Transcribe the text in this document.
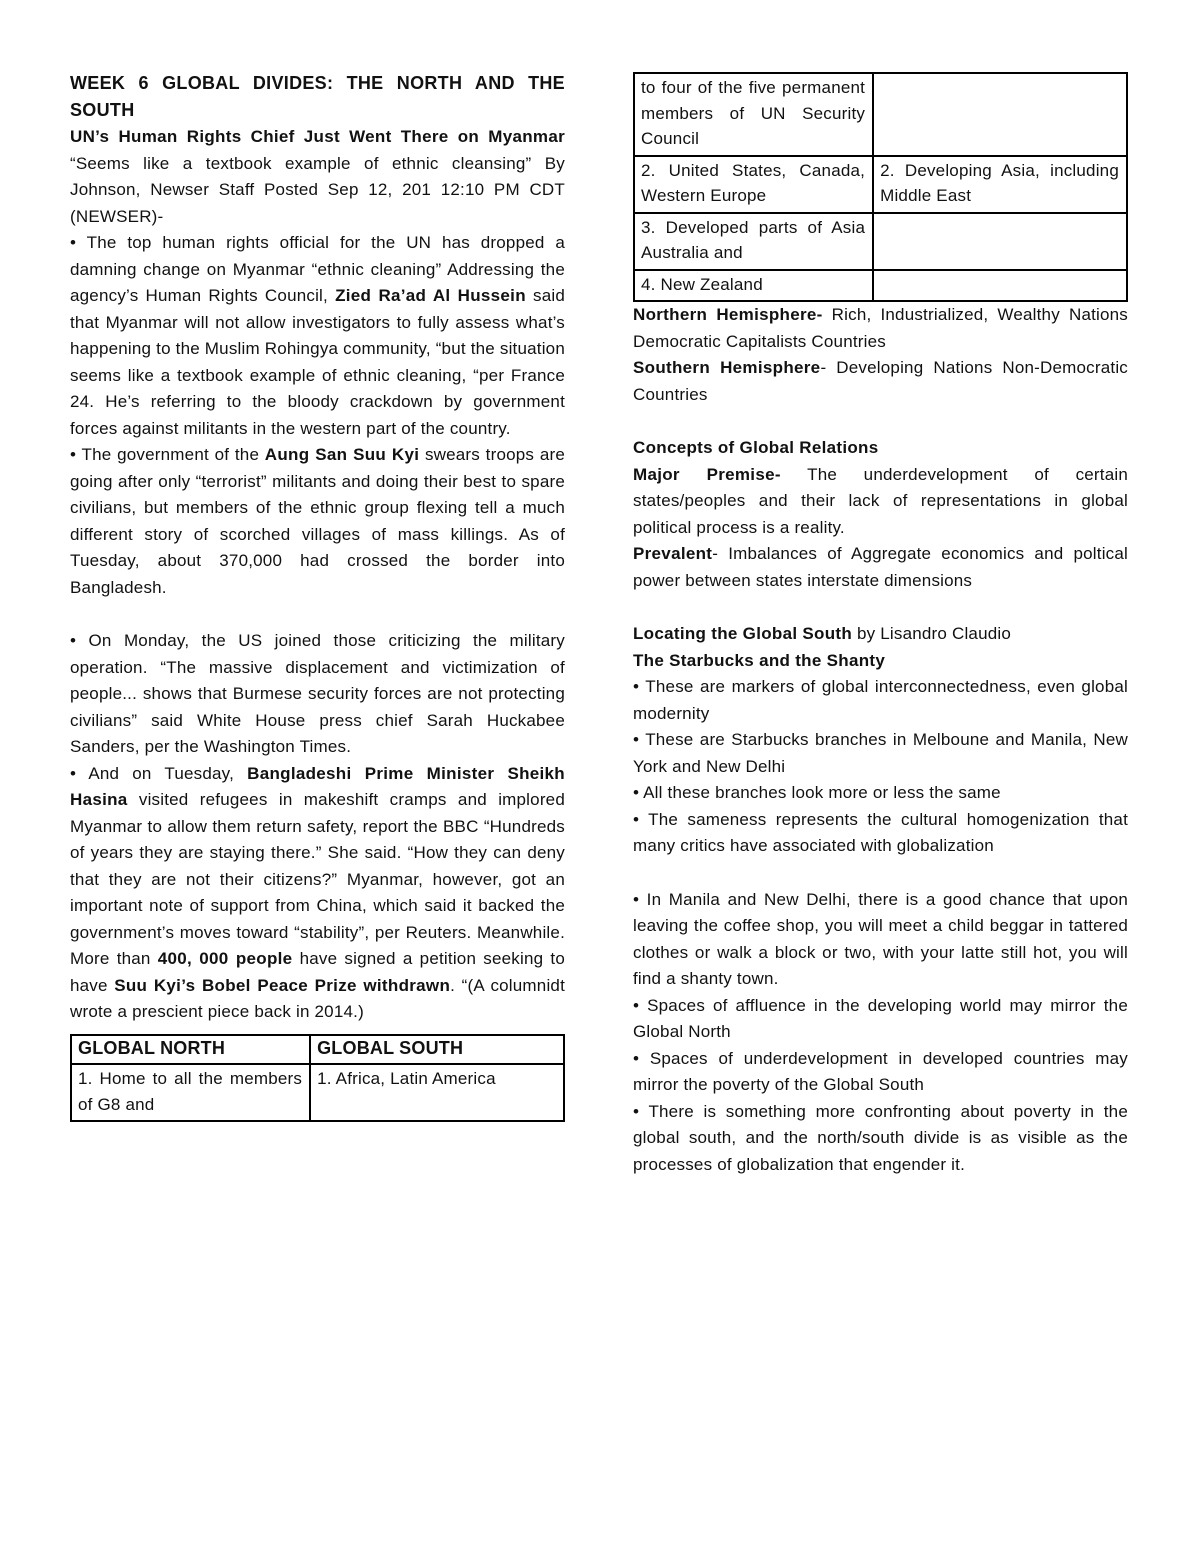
WEEK 6 GLOBAL DIVIDES: THE NORTH AND THE SOUTH

UN’s Human Rights Chief Just Went There on Myanmar “Seems like a textbook example of ethnic cleansing” By Johnson, Newser Staff Posted Sep 12, 201 12:10 PM CDT (NEWSER)-

• The top human rights official for the UN has dropped a damning change on Myanmar “ethnic cleaning” Addressing the agency’s Human Rights Council, Zied Ra’ad Al Hussein said that Myanmar will not allow investigators to fully assess what’s happening to the Muslim Rohingya community, “but the situation seems like a textbook example of ethnic cleaning, “per France 24. He’s referring to the bloody crackdown by government forces against militants in the western part of the country.

• The government of the Aung San Suu Kyi swears troops are going after only “terrorist” militants and doing their best to spare civilians, but members of the ethnic group flexing tell a much different story of scorched villages of mass killings. As of Tuesday, about 370,000 had crossed the border into Bangladesh.

• On Monday, the US joined those criticizing the military operation. “The massive displacement and victimization of people... shows that Burmese security forces are not protecting civilians” said White House press chief Sarah Huckabee Sanders, per the Washington Times.

• And on Tuesday, Bangladeshi Prime Minister Sheikh Hasina visited refugees in makeshift cramps and implored Myanmar to allow them return safety, report the BBC “Hundreds of years they are staying there.” She said. “How they can deny that they are not their citizens?” Myanmar, however, got an important note of support from China, which said it backed the government’s moves toward “stability”, per Reuters. Meanwhile. More than 400, 000 people have signed a petition seeking to have Suu Kyi’s Bobel Peace Prize withdrawn. “(A columnidt wrote a prescient piece back in 2014.)

GLOBAL NORTH	GLOBAL SOUTH
1. Home to all the members of G8 and	1. Africa, Latin America
to four of the five permanent members of UN Security Council	
2. United States, Canada, Western Europe	2. Developing Asia, including Middle East
3. Developed parts of Asia Australia and	
4. New Zealand	

Northern Hemisphere- Rich, Industrialized, Wealthy Nations Democratic Capitalists Countries

Southern Hemisphere- Developing Nations Non-Democratic Countries

Concepts of Global Relations

Major Premise- The underdevelopment of certain states/peoples and their lack of representations in global political process is a reality.

Prevalent- Imbalances of Aggregate economics and poltical power between states interstate dimensions

Locating the Global South by Lisandro Claudio

The Starbucks and the Shanty

• These are markers of global interconnectedness, even global modernity

• These are Starbucks branches in Melboune and Manila, New York and New Delhi

• All these branches look more or less the same

• The sameness represents the cultural homogenization that many critics have associated with globalization

• In Manila and New Delhi, there is a good chance that upon leaving the coffee shop, you will meet a child beggar in tattered clothes or walk a block or two, with your latte still hot, you will find a shanty town.

• Spaces of affluence in the developing world may mirror the Global North

• Spaces of underdevelopment in developed countries may mirror the poverty of the Global South

• There is something more confronting about poverty in the global south, and the north/south divide is as visible as the processes of globalization that engender it.
